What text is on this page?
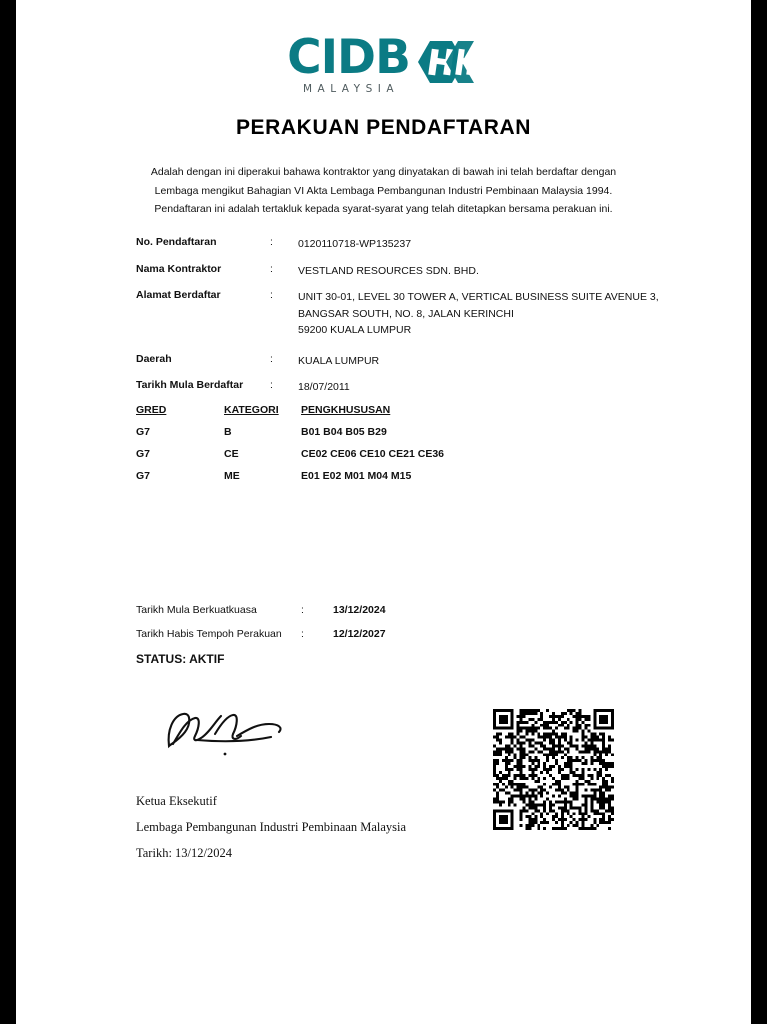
CIDB
MALAYSIA
PERAKUAN PENDAFTARAN
Adalah dengan ini diperakui bahawa kontraktor yang dinyatakan di bawah ini telah berdaftar dengan
Lembaga mengikut Bahagian VI Akta Lembaga Pembangunan Industri Pembinaan Malaysia 1994.
Pendaftaran ini adalah tertakluk kepada syarat-syarat yang telah ditetapkan bersama perakuan ini.
No. Pendaftaran	:	0120110718-WP135237
Nama Kontraktor	:	VESTLAND RESOURCES SDN. BHD.
Alamat Berdaftar	:	UNIT 30-01, LEVEL 30 TOWER A, VERTICAL BUSINESS SUITE AVENUE 3,
BANGSAR SOUTH, NO. 8, JALAN KERINCHI
59200 KUALA LUMPUR
Daerah	:	KUALA LUMPUR
Tarikh Mula Berdaftar	:	18/07/2011
GRED	KATEGORI	PENGKHUSUSAN
G7	B	B01 B04 B05 B29
G7	CE	CE02 CE06 CE10 CE21 CE36
G7	ME	E01 E02 M01 M04 M15
Tarikh Mula Berkuatkuasa	:	13/12/2024
Tarikh Habis Tempoh Perakuan	:	12/12/2027
STATUS: AKTIF
Ketua Eksekutif
Lembaga Pembangunan Industri Pembinaan Malaysia
Tarikh: 13/12/2024
